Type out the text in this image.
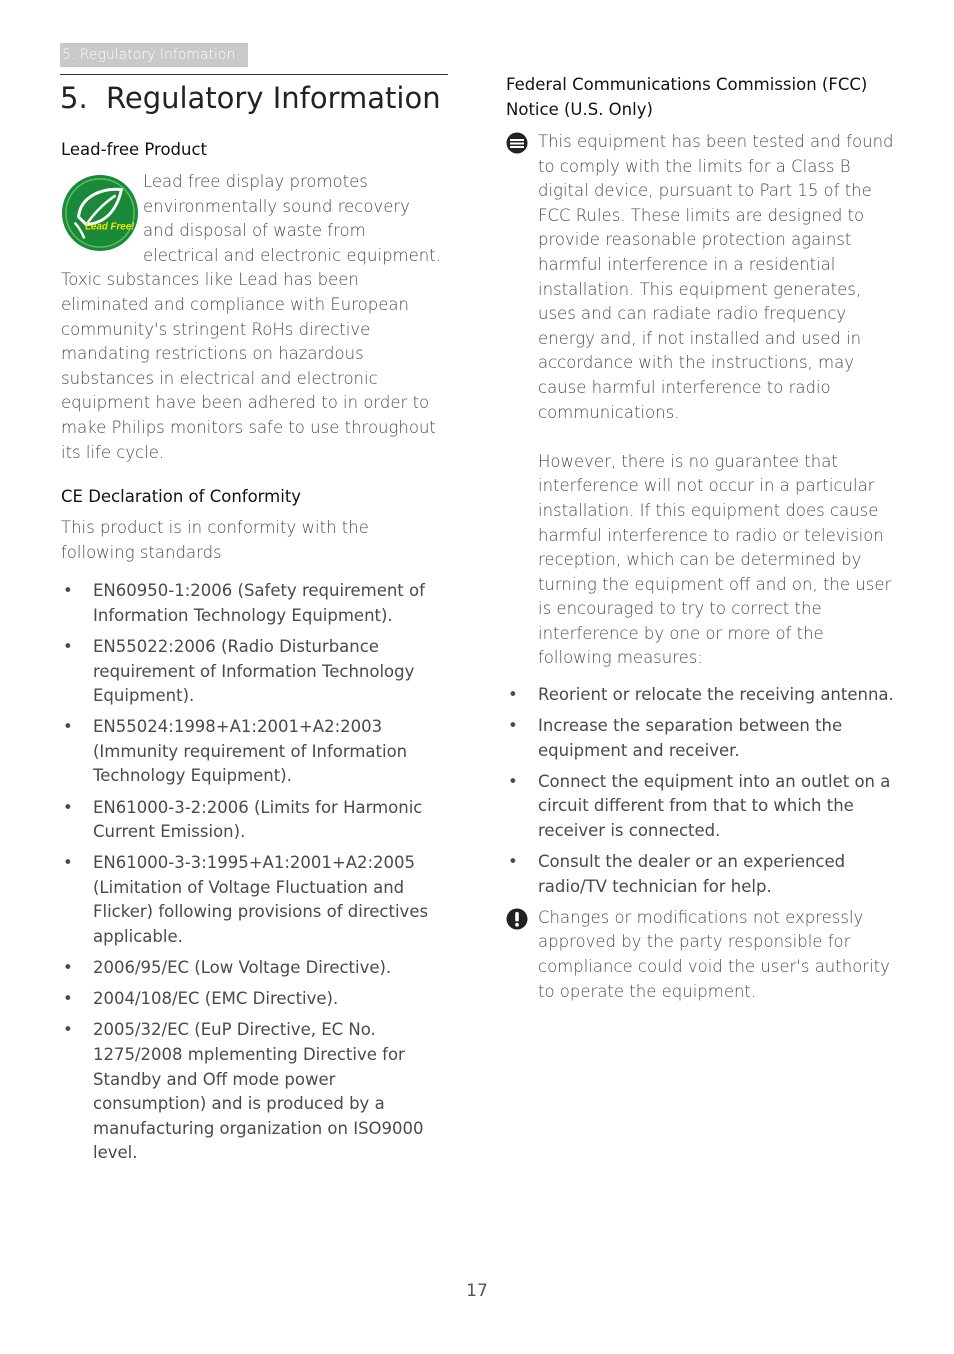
5. Regulatory Infomation
5. Regulatory Information
Lead-free Product
Lead Free!

Lead free display promotes environmentally sound recovery and disposal of waste from electrical and electronic equipment. Toxic substances like Lead has been eliminated and compliance with European community's stringent RoHs directive mandating restrictions on hazardous substances in electrical and electronic equipment have been adhered to in order to make Philips monitors safe to use throughout its life cycle.

CE Declaration of Conformity

This product is in conformity with the following standards

• EN60950-1:2006 (Safety requirement of Information Technology Equipment).
• EN55022:2006 (Radio Disturbance requirement of Information Technology Equipment).
• EN55024:1998+A1:2001+A2:2003 (Immunity requirement of Information Technology Equipment).
• EN61000-3-2:2006 (Limits for Harmonic Current Emission).
• EN61000-3-3:1995+A1:2001+A2:2005 (Limitation of Voltage Fluctuation and Flicker) following provisions of directives applicable.
• 2006/95/EC (Low Voltage Directive).
• 2004/108/EC (EMC Directive).
• 2005/32/EC (EuP Directive, EC No. 1275/2008 mplementing Directive for Standby and Off mode power consumption) and is produced by a manufacturing organization on ISO9000 level.
Federal Communications Commission (FCC) Notice (U.S. Only)

This equipment has been tested and found to comply with the limits for a Class B digital device, pursuant to Part 15 of the FCC Rules. These limits are designed to provide reasonable protection against harmful interference in a residential installation. This equipment generates, uses and can radiate radio frequency energy and, if not installed and used in accordance with the instructions, may cause harmful interference to radio communications.

However, there is no guarantee that interference will not occur in a particular installation. If this equipment does cause harmful interference to radio or television reception, which can be determined by turning the equipment off and on, the user is encouraged to try to correct the interference by one or more of the following measures:

• Reorient or relocate the receiving antenna.
• Increase the separation between the equipment and receiver.
• Connect the equipment into an outlet on a circuit different from that to which the receiver is connected.
• Consult the dealer or an experienced radio/TV technician for help.

Changes or modifications not expressly approved by the party responsible for compliance could void the user's authority to operate the equipment.

17
